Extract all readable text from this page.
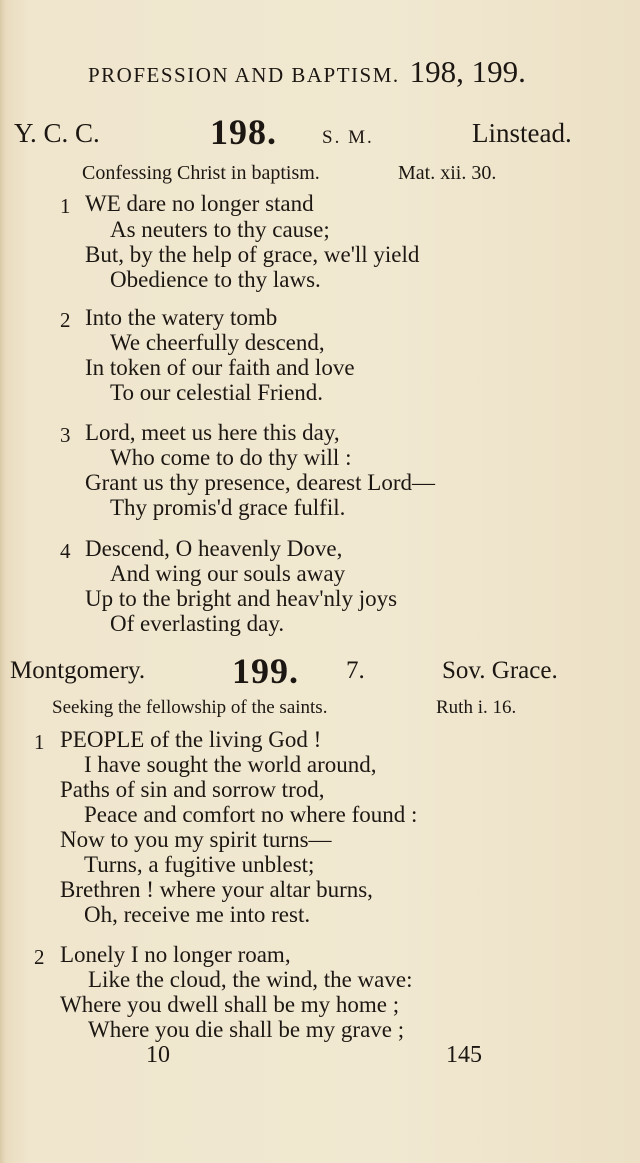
PROFESSION AND BAPTISM. 198, 199.
Y. C. C.	198. S. M.	Linstead.
Confessing Christ in baptism.	Mat. xii. 30.
1 WE dare no longer stand
As neuters to thy cause;
But, by the help of grace, we'll yield
Obedience to thy laws.
2 Into the watery tomb
We cheerfully descend,
In token of our faith and love
To our celestial Friend.
3 Lord, meet us here this day,
Who come to do thy will :
Grant us thy presence, dearest Lord—
Thy promis'd grace fulfil.
4 Descend, O heavenly Dove,
And wing our souls away
Up to the bright and heav'nly joys
Of everlasting day.
Montgomery. 199. 7.	Sov. Grace.
Seeking the fellowship of the saints.	Ruth i. 16.
1 PEOPLE of the living God !
I have sought the world around,
Paths of sin and sorrow trod,
Peace and comfort no where found :
Now to you my spirit turns—
Turns, a fugitive unblest;
Brethren ! where your altar burns,
Oh, receive me into rest.
2 Lonely I no longer roam,
Like the cloud, the wind, the wave:
Where you dwell shall be my home ;
Where you die shall be my grave ;
10	145
